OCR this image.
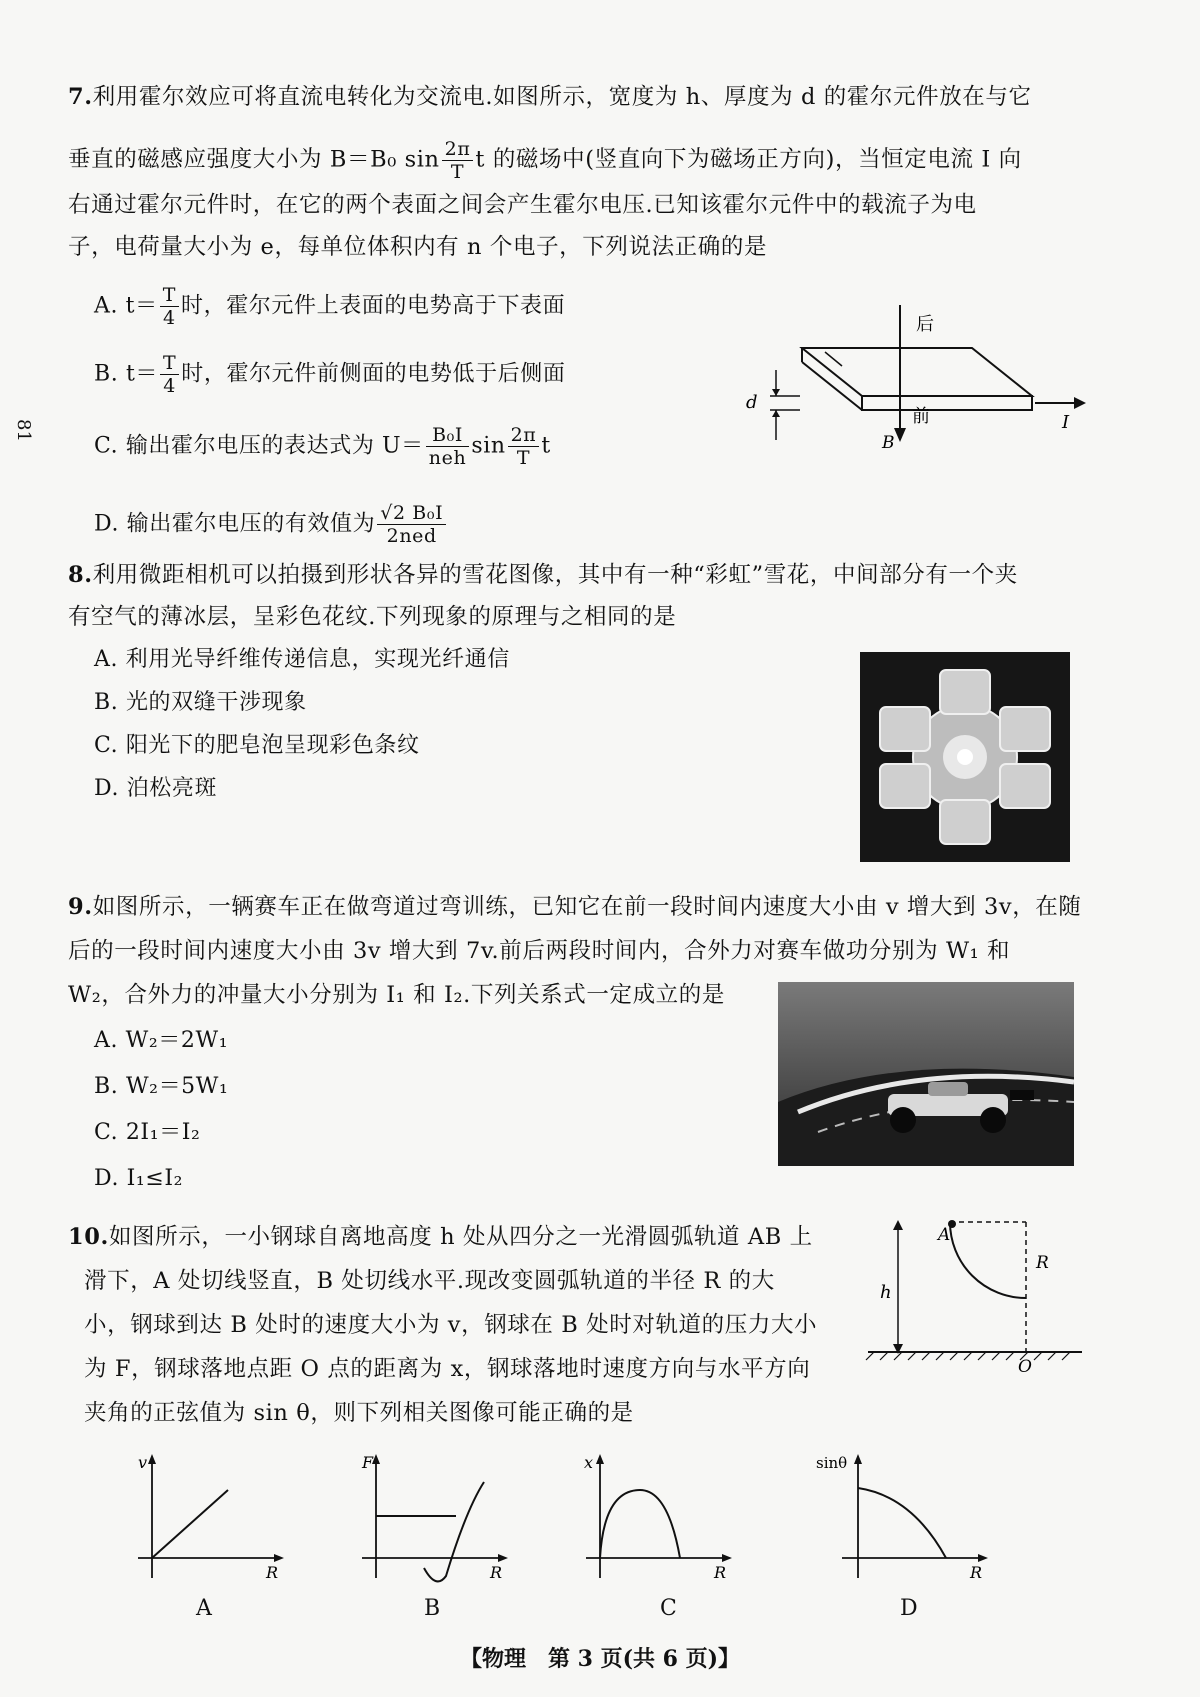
81
7.利用霍尔效应可将直流电转化为交流电.如图所示，宽度为 h、厚度为 d 的霍尔元件放在与它
垂直的磁感应强度大小为 B＝B₀ $\sin \frac{2\pi}{T}$ t 的磁场中(竖直向下为磁场正方向)，当恒定电流 I 向
右通过霍尔元件时，在它的两个表面之间会产生霍尔电压.已知该霍尔元件中的载流子为电
子，电荷量大小为 e，每单位体积内有 n 个电子，下列说法正确的是
A. $t= \frac{T}{4}$ 时，霍尔元件上表面的电势高于下表面
B. $t= \frac{T}{4}$ 时，霍尔元件前侧面的电势低于后侧面
C. 输出霍尔电压的表达式为 $U= \frac{\text{B₀I}}{\text{neh}}$ $\sin \frac{2\pi}{T}$ t
D. 输出霍尔电压的有效值为 $\frac{\text{√2 B₀I}}{\text{2ned}}$
后
前
B
I
d
8.利用微距相机可以拍摄到形状各异的雪花图像，其中有一种“彩虹”雪花，中间部分有一个夹
有空气的薄冰层，呈彩色花纹.下列现象的原理与之相同的是
A. 利用光导纤维传递信息，实现光纤通信
B. 光的双缝干涉现象
C. 阳光下的肥皂泡呈现彩色条纹
D. 泊松亮斑
9.如图所示，一辆赛车正在做弯道过弯训练，已知它在前一段时间内速度大小由 v 增大到 3v，在随
后的一段时间内速度大小由 3v 增大到 7v.前后两段时间内，合外力对赛车做功分别为 W₁ 和
W₂，合外力的冲量大小分别为 I₁ 和 I₂.下列关系式一定成立的是
A. W₂＝2W₁
B. W₂＝5W₁
C. 2I₁＝I₂
D. I₁≤I₂
10.如图所示，一小钢球自离地高度 h 处从四分之一光滑圆弧轨道 AB 上
滑下，A 处切线竖直，B 处切线水平.现改变圆弧轨道的半径 R 的大
小，钢球到达 B 处时的速度大小为 v，钢球在 B 处时对轨道的压力大小
为 F，钢球落地点距 O 点的距离为 x，钢球落地时速度方向与水平方向
夹角的正弦值为 sin θ，则下列相关图像可能正确的是
h
A
R
O
v
R
A
F
R
B
x
R
C
sinθ
R
D
【物理　第 3 页(共 6 页)】
